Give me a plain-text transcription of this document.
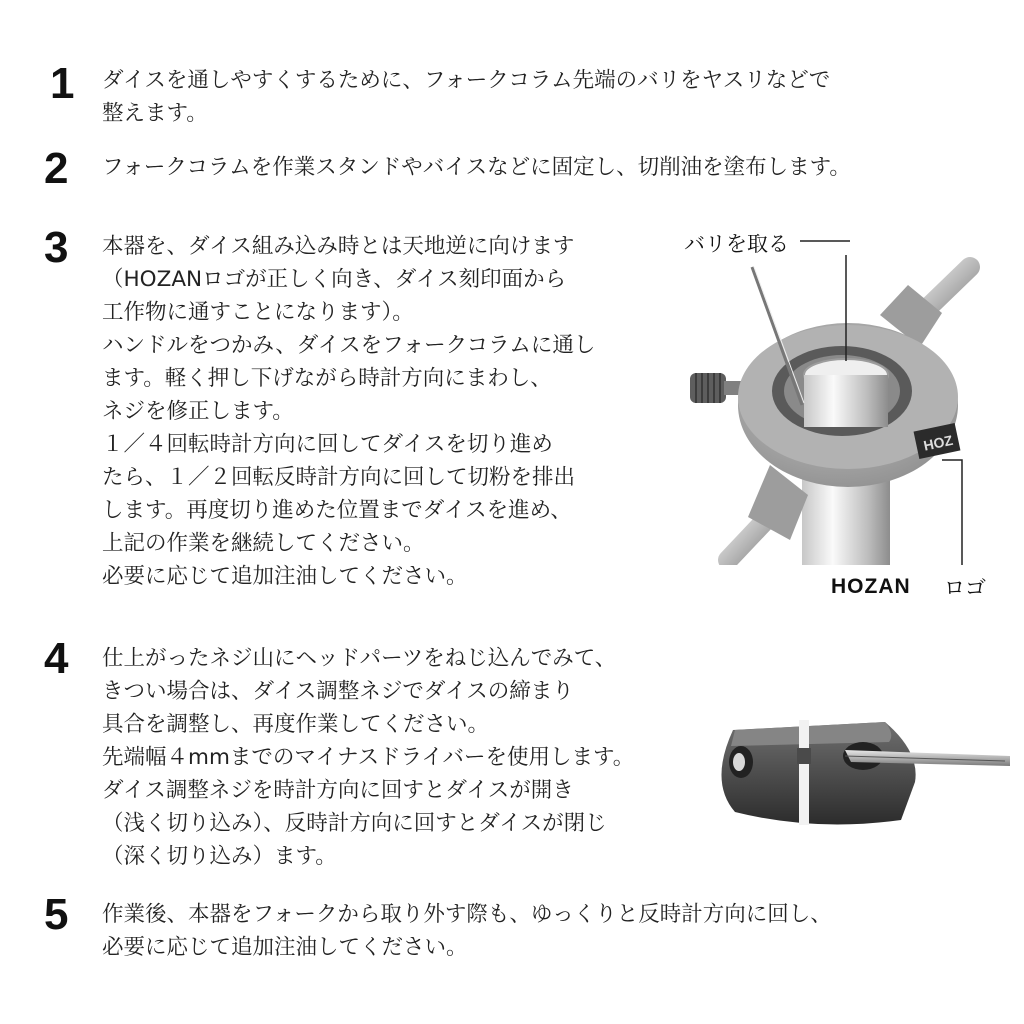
1
2
3
4
5
ダイスを通しやすくするために、フォークコラム先端のバリをヤスリなどで
整えます。
フォークコラムを作業スタンドやバイスなどに固定し、切削油を塗布します。
本器を、ダイス組み込み時とは天地逆に向けます
（HOZANロゴが正しく向き、ダイス刻印面から
工作物に通すことになります）。
ハンドルをつかみ、ダイスをフォークコラムに通し
ます。軽く押し下げながら時計方向にまわし、
ネジを修正します。
１／４回転時計方向に回してダイスを切り進め
たら、１／２回転反時計方向に回して切粉を排出
します。再度切り進めた位置までダイスを進め、
上記の作業を継続してください。
必要に応じて追加注油してください。
仕上がったネジ山にヘッドパーツをねじ込んでみて、
きつい場合は、ダイス調整ネジでダイスの締まり
具合を調整し、再度作業してください。
先端幅４mmまでのマイナスドライバーを使用します。
ダイス調整ネジを時計方向に回すとダイスが開き
（浅く切り込み）、反時計方向に回すとダイスが閉じ
（深く切り込み）ます。
作業後、本器をフォークから取り外す際も、ゆっくりと反時計方向に回し、
必要に応じて追加注油してください。
HOZ
バリを取る
HOZAN ロゴ
